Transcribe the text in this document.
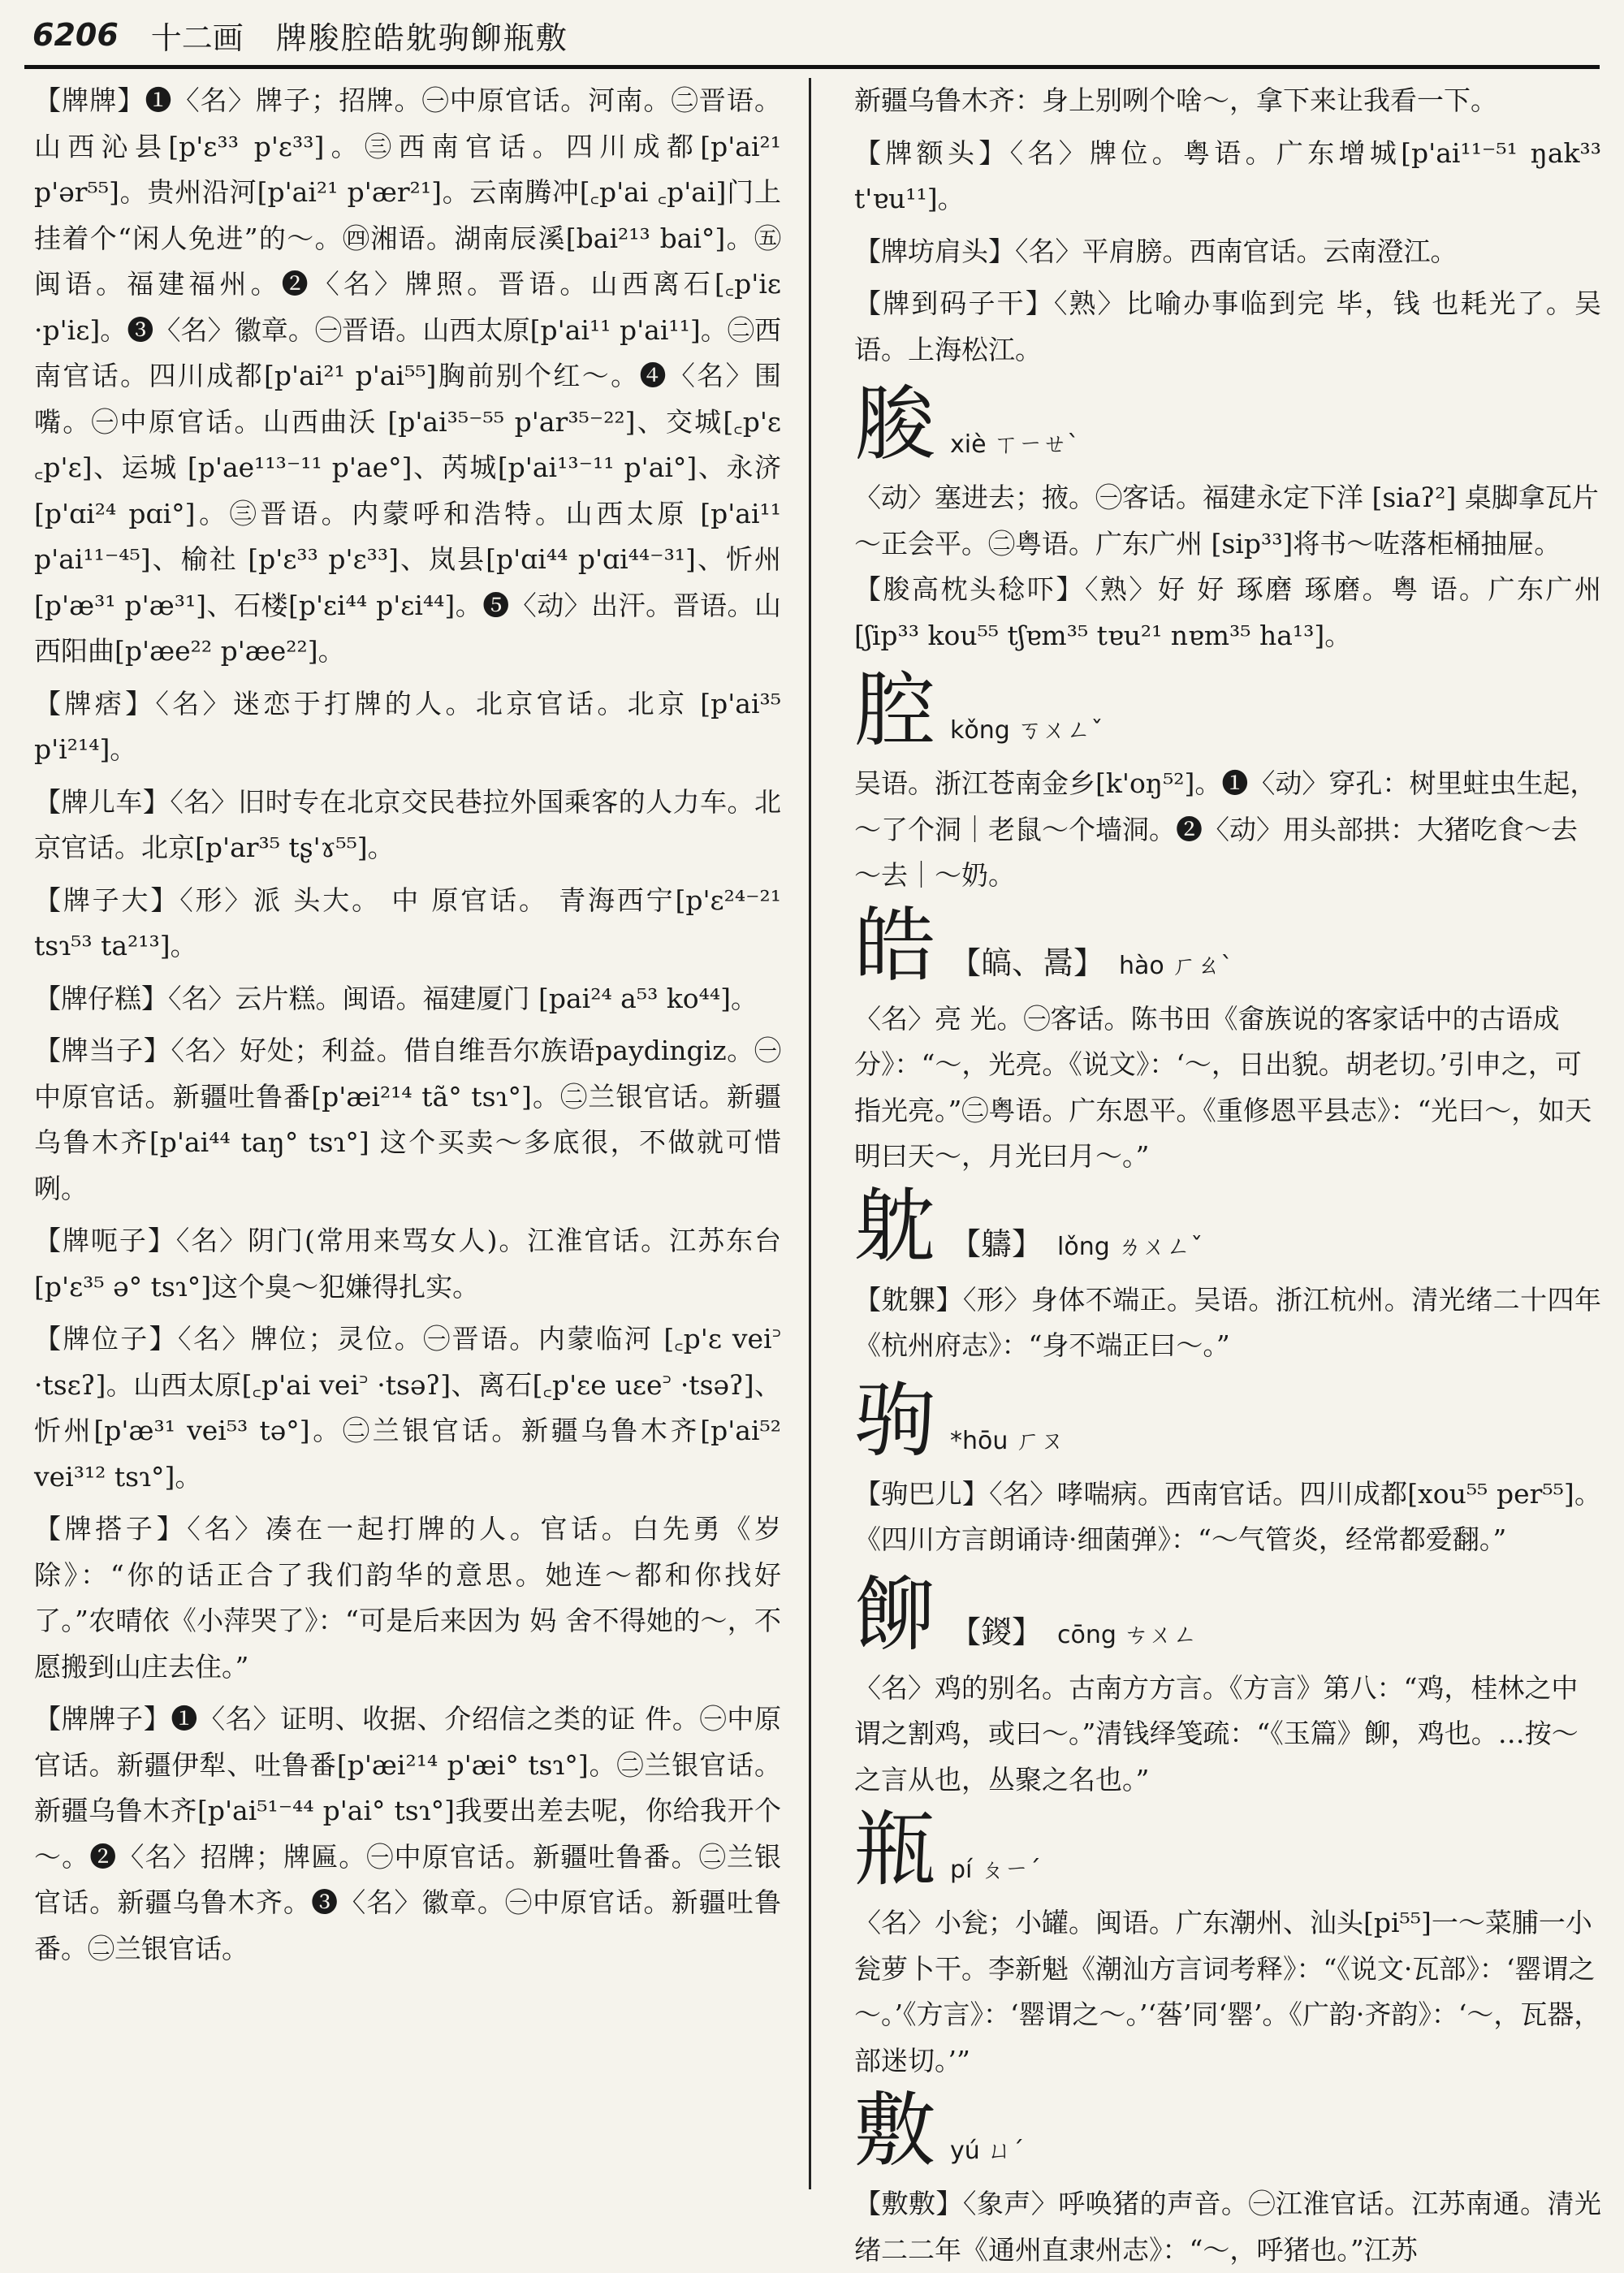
6206 十二画 牌脧腔皓躭驹飹瓶敷

【牌牌】❶〈名〉牌子；招牌。㊀中原官话。河南。㊁晋语。山西沁县[p'ɛ³³ p'ɛ³³]。㊂西南官话。四川成都[p'ai²¹ p'ər⁵⁵]。贵州沿河[p'ai²¹ p'ær²¹]。云南腾冲[꜀p'ai ꜀p'ai]门上挂着个“闲人免进”的～。㊃湘语。湖南辰溪[bai²¹³ bai°]。㊄闽语。福建福州。❷〈名〉牌照。晋语。山西离石[꜀p'iɛ ·p'iɛ]。❸〈名〉徽章。㊀晋语。山西太原[p'ai¹¹ p'ai¹¹]。㊁西南官话。四川成都[p'ai²¹ p'ai⁵⁵]胸前别个红～。❹〈名〉围嘴。㊀中原官话。山西曲沃 [p'ai³⁵⁻⁵⁵ p'ar³⁵⁻²²]、交城[꜀p'ɛ ꜀p'ɛ]、运城 [p'ae¹¹³⁻¹¹ p'ae°]、芮城[p'ai¹³⁻¹¹ p'ai°]、永济[p'ɑi²⁴ pɑi°]。㊂晋语。内蒙呼和浩特。山西太原 [p'ai¹¹ p'ai¹¹⁻⁴⁵]、榆社 [p'ɛ³³ p'ɛ³³]、岚县[p'ɑi⁴⁴ p'ɑi⁴⁴⁻³¹]、忻州[p'æ³¹ p'æ³¹]、石楼[p'ɛi⁴⁴ p'ɛi⁴⁴]。❺〈动〉出汗。晋语。山西阳曲[p'æe²² p'æe²²]。

【牌痞】〈名〉迷恋于打牌的人。北京官话。北京 [p'ai³⁵ p'i²¹⁴]。

【牌儿车】〈名〉旧时专在北京交民巷拉外国乘客的人力车。北京官话。北京[p'ar³⁵ tʂ'ɤ⁵⁵]。

【牌子大】〈形〉派 头大。 中 原官话。 青海西宁[p'ɛ²⁴⁻²¹ tsɿ⁵³ ta²¹³]。

【牌仔糕】〈名〉云片糕。闽语。福建厦门 [pai²⁴ a⁵³ ko⁴⁴]。

【牌当子】〈名〉好处；利益。借自维吾尔族语paydingiz。㊀中原官话。新疆吐鲁番[p'æi²¹⁴ tã° tsɿ°]。㊁兰银官话。新疆乌鲁木齐[p'ai⁴⁴ taŋ° tsɿ°] 这个买卖～多底很，不做就可惜咧。

【牌呃子】〈名〉阴门(常用来骂女人)。江淮官话。江苏东台[p'ɛ³⁵ ə° tsɿ°]这个臭～犯嫌得扎实。

【牌位子】〈名〉牌位；灵位。㊀晋语。内蒙临河 [꜀p'ɛ vei꜄ ·tsɛʔ]。山西太原[꜀p'ai vei꜄ ·tsəʔ]、离石[꜀p'ɛe uɛe꜄ ·tsəʔ]、忻州[p'æ³¹ vei⁵³ tə°]。㊁兰银官话。新疆乌鲁木齐[p'ai⁵² vei³¹² tsɿ°]。

【牌搭子】〈名〉凑在一起打牌的人。官话。白先勇《岁除》：“你的话正合了我们韵华的意思。她连～都和你找好了。”农晴依《小萍哭了》：“可是后来因为 妈 舍不得她的～，不愿搬到山庄去住。”

【牌牌子】❶〈名〉证明、收据、介绍信之类的证 件。㊀中原官话。新疆伊犁、吐鲁番[p'æi²¹⁴ p'æi° tsɿ°]。㊁兰银官话。新疆乌鲁木齐[p'ai⁵¹⁻⁴⁴ p'ai° tsɿ°]我要出差去呢，你给我开个～。❷〈名〉招牌；牌匾。㊀中原官话。新疆吐鲁番。㊁兰银官话。新疆乌鲁木齐。❸〈名〉徽章。㊀中原官话。新疆吐鲁番。㊁兰银官话。

新疆乌鲁木齐：身上别咧个啥～，拿下来让我看一下。

【牌额头】〈名〉牌位。粤语。广东增城[p'ai¹¹⁻⁵¹ ŋak³³ t'ɐu¹¹]。

【牌坊肩头】〈名〉平肩膀。西南官话。云南澄江。

【牌到码子干】〈熟〉比喻办事临到完 毕，钱 也耗光了。吴语。上海松江。

脧 xiè ㄒㄧㄝˋ
〈动〉塞进去；掖。㊀客话。福建永定下洋 [siaʔ²] 桌脚拿瓦片～正会平。㊁粤语。广东广州 [sip³³]将书～咗落柜桶抽屉。

【脧高枕头稔吓】〈熟〉好 好 琢磨 琢磨。粤 语。广东广州[ʃip³³ kou⁵⁵ tʃɐm³⁵ tɐu²¹ nɐm³⁵ ha¹³]。

腔 kǒng ㄎㄨㄥˇ
吴语。浙江苍南金乡[k'oŋ⁵²]。❶〈动〉穿孔：树里蛀虫生起，～了个洞｜老鼠～个墙洞。❷〈动〉用头部拱：大猪吃食～去～去｜～奶。
皓 【皜、暠】 hào ㄏㄠˋ
〈名〉亮 光。㊀客话。陈书田《畲族说的客家话中的古语成分》：“～，光亮。《说文》：‘～，日出貌。胡老切。’引申之，可指光亮。”㊁粤语。广东恩平。《重修恩平县志》：“光曰～，如天 明曰天～，月光曰月～。”
躭 【軇】 lǒng ㄌㄨㄥˇ

【躭躶】〈形〉身体不端正。吴语。浙江杭州。清光绪二十四年《杭州府志》：“身不端正曰～。”

驹 *hōu ㄏㄡ

【驹巴儿】〈名〉哮喘病。西南官话。四川成都[xou⁵⁵ per⁵⁵]。《四川方言朗诵诗·细菌弹》：“～气管炎，经常都爱翻。”

飹 【鍐】 cōng ㄘㄨㄥ
〈名〉鸡的别名。古南方方言。《方言》第八：“鸡，桂林之中谓之割鸡，或曰～。”清钱绎笺疏：“《玉篇》飹，鸡也。…按～之言从也，丛聚之名也。”
瓶 pí ㄆㄧˊ
〈名〉小瓮；小罐。闽语。广东潮州、汕头[pi⁵⁵]一～菜脯一小瓮萝卜干。李新魁《潮汕方言词考释》：“《说文·瓦部》：‘罂谓之～。’《方言》：‘罂谓之～。’‘䓘’同‘罂’。《广韵·齐韵》：‘～，瓦器，部迷切。’”
敷 yú ㄩˊ

【敷敷】〈象声〉呼唤猪的声音。㊀江淮官话。江苏南通。清光绪二二年《通州直隶州志》：“～，呼猪也。”江苏
